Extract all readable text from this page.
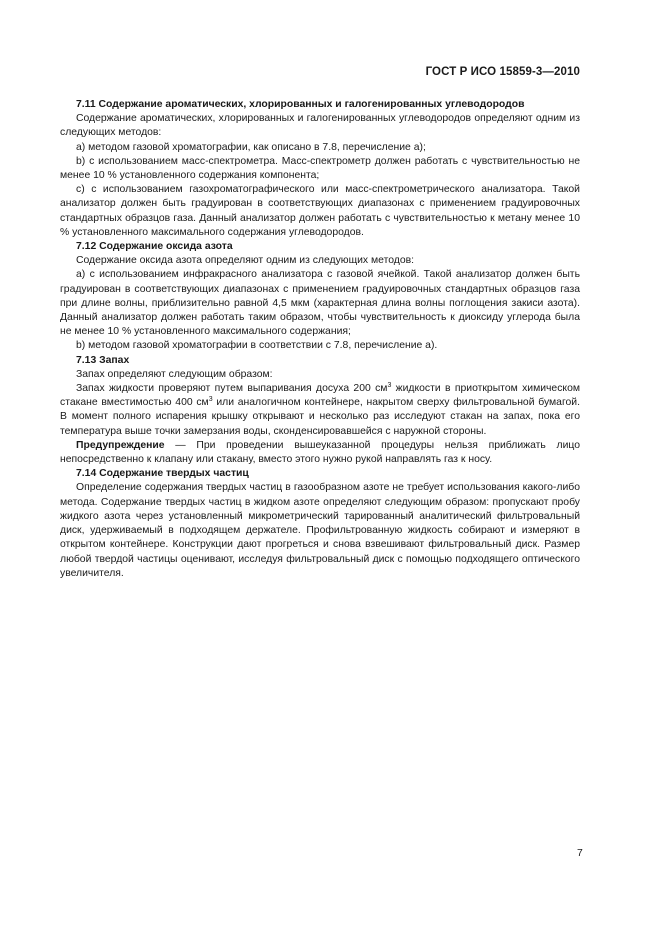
ГОСТ Р ИСО 15859-3—2010

7.11 Содержание ароматических, хлорированных и галогенированных углеводородов

Содержание ароматических, хлорированных и галогенированных углеводородов определяют одним из следующих методов:

a) методом газовой хроматографии, как описано в 7.8, перечисление a);

b) с использованием масс-спектрометра. Масс-спектрометр должен работать с чувствительностью не менее 10 % установленного содержания компонента;

c) с использованием газохроматографического или масс-спектрометрического анализатора. Такой анализатор должен быть градуирован в соответствующих диапазонах с применением градуировочных стандартных образцов газа. Данный анализатор должен работать с чувствительностью к метану менее 10 % установленного максимального содержания углеводородов.

7.12 Содержание оксида азота

Содержание оксида азота определяют одним из следующих методов:

a) с использованием инфракрасного анализатора с газовой ячейкой. Такой анализатор должен быть градуирован в соответствующих диапазонах с применением градуировочных стандартных образцов газа при длине волны, приблизительно равной 4,5 мкм (характерная длина волны поглощения закиси азота). Данный анализатор должен работать таким образом, чтобы чувствительность к диоксиду углерода была не менее 10 % установленного максимального содержания;

b) методом газовой хроматографии в соответствии с 7.8, перечисление a).

7.13 Запах

Запах определяют следующим образом:

Запах жидкости проверяют путем выпаривания досуха 200 $см^3$ жидкости в приоткрытом химическом стакане вместимостью 400 $см^3$ или аналогичном контейнере, накрытом сверху фильтровальной бумагой. В момент полного испарения крышку открывают и несколько раз исследуют стакан на запах, пока его температура выше точки замерзания воды, сконденсировавшейся с наружной стороны.

Предупреждение — При проведении вышеуказанной процедуры нельзя приближать лицо непосредственно к клапану или стакану, вместо этого нужно рукой направлять газ к носу.

7.14 Содержание твердых частиц

Определение содержания твердых частиц в газообразном азоте не требует использования какого-либо метода. Содержание твердых частиц в жидком азоте определяют следующим образом: пропускают пробу жидкого азота через установленный микрометрический тарированный аналитический фильтровальный диск, удерживаемый в подходящем держателе. Профильтрованную жидкость собирают и измеряют в открытом контейнере. Конструкции дают прогреться и снова взвешивают фильтровальный диск. Размер любой твердой частицы оценивают, исследуя фильтровальный диск с помощью подходящего оптического увеличителя.

7
